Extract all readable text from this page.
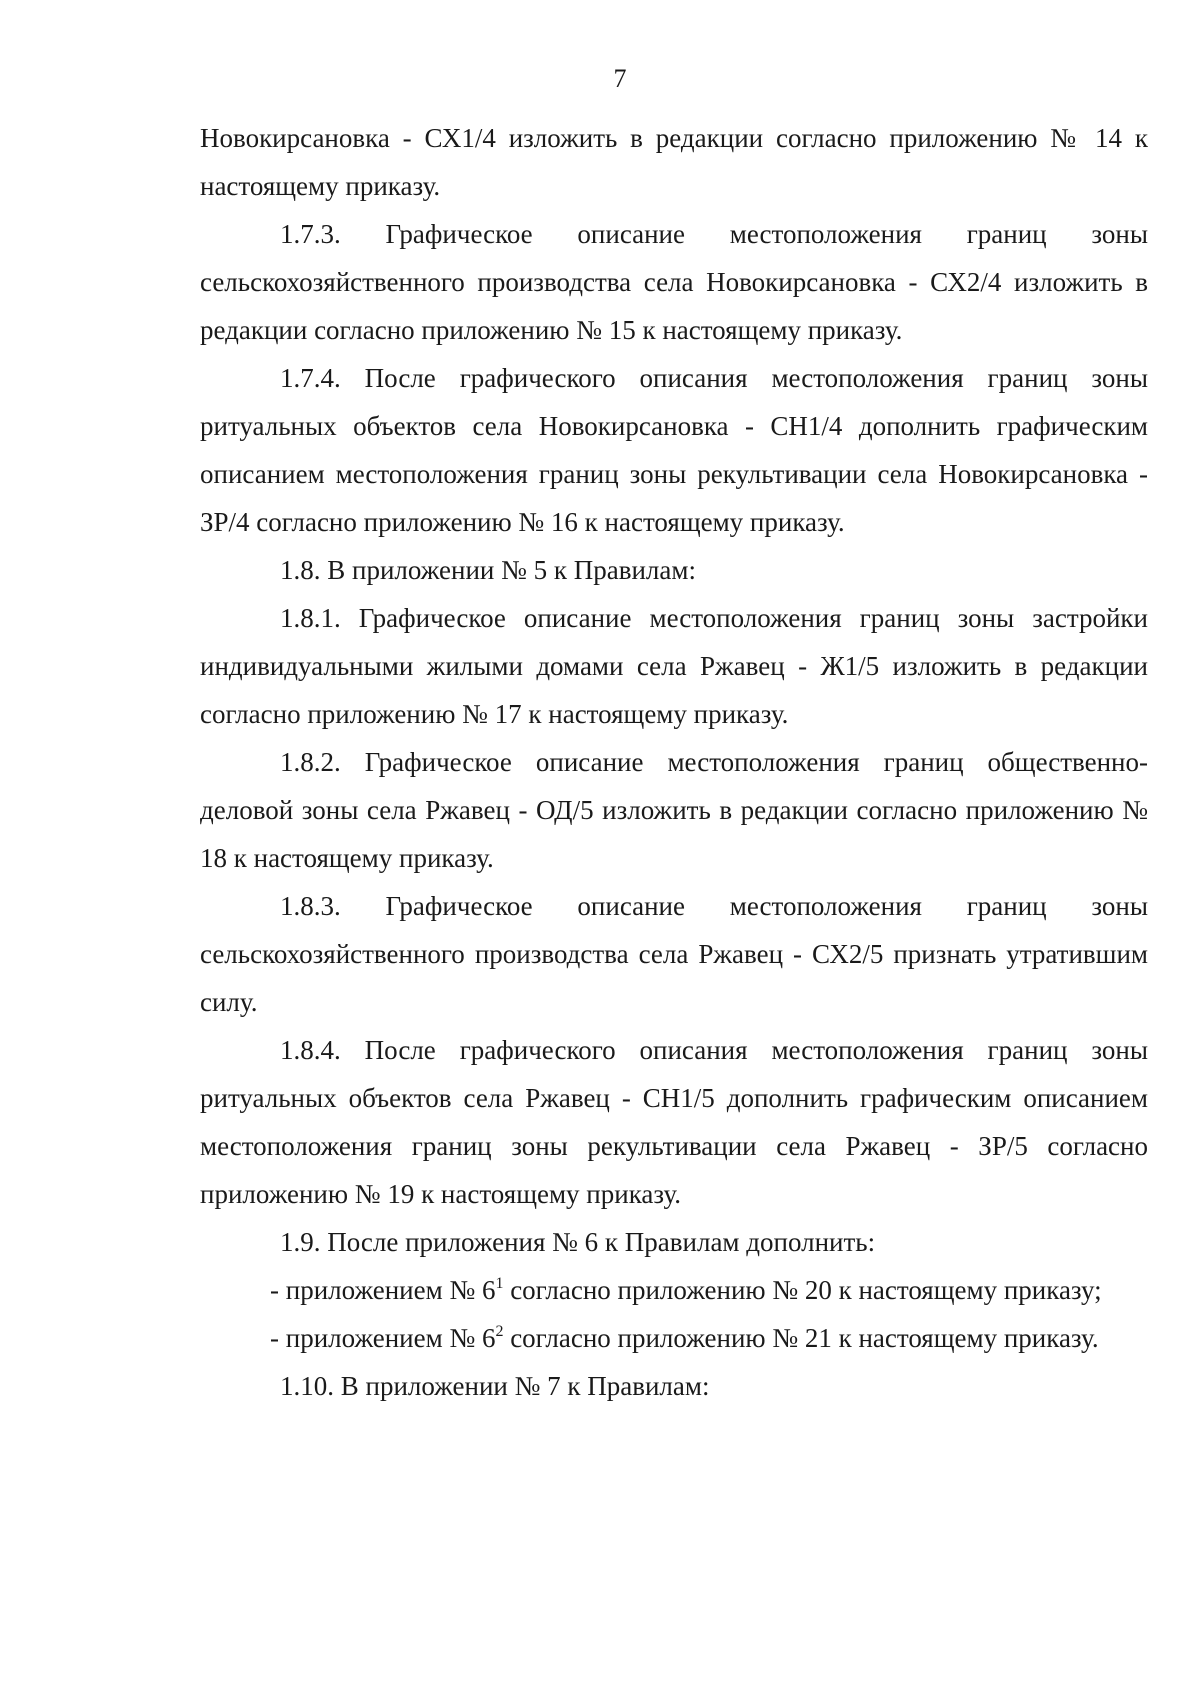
7

Новокирсановка - СХ1/4 изложить в редакции согласно приложению № 14 к настоящему приказу.

1.7.3. Графическое описание местоположения границ зоны сельскохозяйственного производства села Новокирсановка - СХ2/4 изложить в редакции согласно приложению № 15 к настоящему приказу.

1.7.4. После графического описания местоположения границ зоны ритуальных объектов села Новокирсановка - СН1/4 дополнить графическим описанием местоположения границ зоны рекультивации села Новокирсановка - ЗР/4 согласно приложению № 16 к настоящему приказу.

1.8. В приложении № 5 к Правилам:

1.8.1. Графическое описание местоположения границ зоны застройки индивидуальными жилыми домами села Ржавец - Ж1/5 изложить в редакции согласно приложению № 17 к настоящему приказу.

1.8.2. Графическое описание местоположения границ общественно-деловой зоны села Ржавец - ОД/5 изложить в редакции согласно приложению № 18 к настоящему приказу.

1.8.3. Графическое описание местоположения границ зоны сельскохозяйственного производства села Ржавец - СХ2/5 признать утратившим силу.

1.8.4. После графического описания местоположения границ зоны ритуальных объектов села Ржавец - СН1/5 дополнить графическим описанием местоположения границ зоны рекультивации села Ржавец - ЗР/5 согласно приложению № 19 к настоящему приказу.

1.9. После приложения № 6 к Правилам дополнить:

- приложением № $6^1$ согласно приложению № 20 к настоящему приказу;

- приложением № $6^2$ согласно приложению № 21 к настоящему приказу.

1.10. В приложении № 7 к Правилам:
